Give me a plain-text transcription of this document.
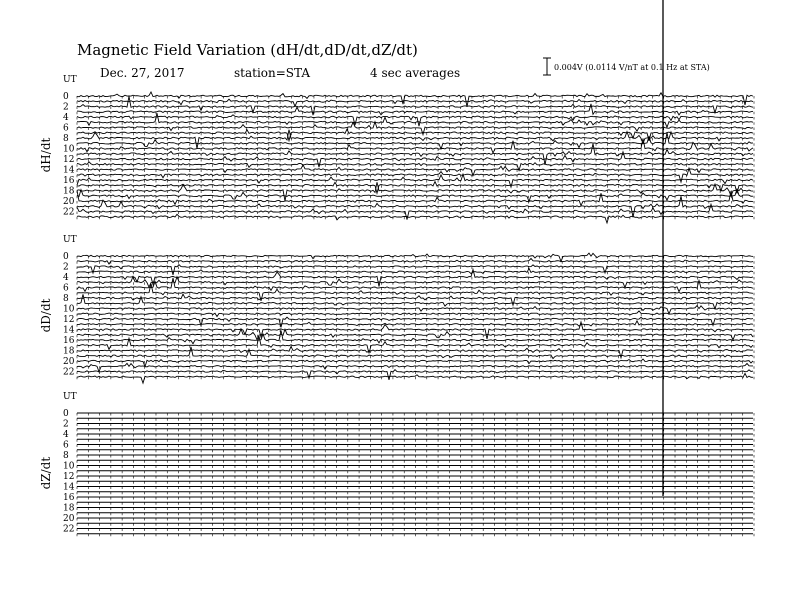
Magnetic Field Variation (dH/dt,dD/dt,dZ/dt)
Dec. 27, 2017	station=STA	4 sec averages	0.004V (0.0114 V/nT at 0.1 Hz at STA)
UT
dH/dt
0
2
4
6
8
10
12
14
16
18
20
22
UT
dD/dt
0
2
4
6
8
10
12
14
16
18
20
22
UT
dZ/dt
0
2
4
6
8
10
12
14
16
18
20
22
